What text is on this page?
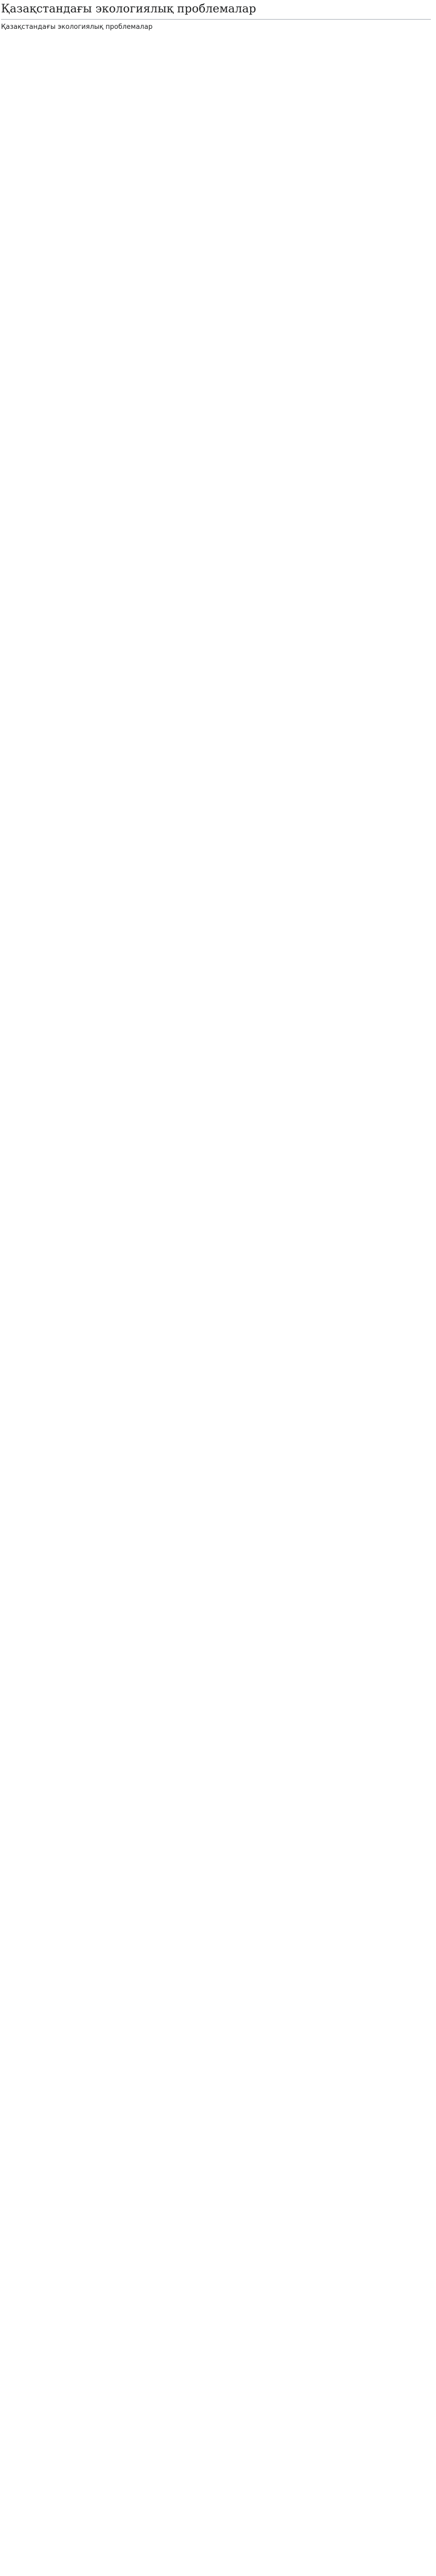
Қазақстандағы экологиялық проблемалар
Қазақстандағы экологиялық проблемалар
